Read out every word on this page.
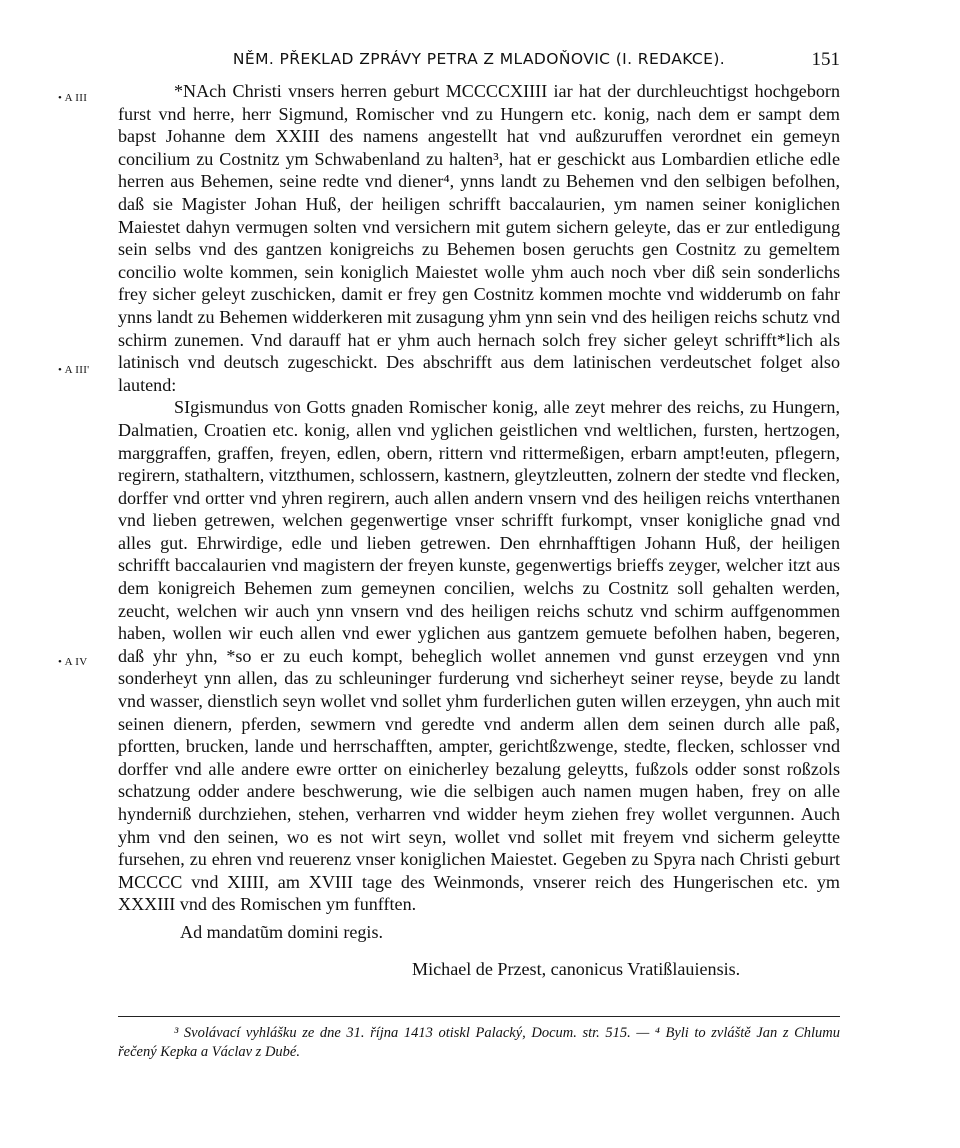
NĚM. PŘEKLAD ZPRÁVY PETRA Z MLADOŇOVIC (I. REDAKCE).	151
• A III
• A III'
• A IV

*NAch Christi vnsers herren geburt MCCCCXIIII iar hat der durchleuchtigst hochgeborn furst vnd herre, herr Sigmund, Romischer vnd zu Hungern etc. konig, nach dem er sampt dem bapst Johanne dem XXIII des namens angestellt hat vnd außzuruffen verordnet ein gemeyn concilium zu Costnitz ym Schwabenland zu halten³, hat er geschickt aus Lombardien etliche edle herren aus Behemen, seine redte vnd diener⁴, ynns landt zu Behemen vnd den selbigen befolhen, daß sie Magister Johan Huß, der heiligen schrifft baccalaurien, ym namen seiner koniglichen Maiestet dahyn vermugen solten vnd versichern mit gutem sichern geleyte, das er zur entledigung sein selbs vnd des gantzen konigreichs zu Behemen bosen geruchts gen Costnitz zu gemeltem concilio wolte kommen, sein koniglich Maiestet wolle yhm auch noch vber diß sein sonderlichs frey sicher geleyt zuschicken, damit er frey gen Costnitz kommen mochte vnd widderumb on fahr ynns landt zu Behemen widderkeren mit zusagung yhm ynn sein vnd des heiligen reichs schutz vnd schirm zunemen. Vnd darauff hat er yhm auch hernach solch frey sicher geleyt schrifft*lich als latinisch vnd deutsch zugeschickt. Des abschrifft aus dem latinischen verdeutschet folget also lautend:

SIgismundus von Gotts gnaden Romischer konig, alle zeyt mehrer des reichs, zu Hungern, Dalmatien, Croatien etc. konig, allen vnd yglichen geistlichen vnd weltlichen, fursten, hertzogen, marggraffen, graffen, freyen, edlen, obern, rittern vnd rittermeßigen, erbarn ampt!euten, pflegern, regirern, stathaltern, vitzthumen, schlossern, kastnern, gleytzleutten, zolnern der stedte vnd flecken, dorffer vnd ortter vnd yhren regirern, auch allen andern vnsern vnd des heiligen reichs vnterthanen vnd lieben getrewen, welchen gegenwertige vnser schrifft furkompt, vnser konigliche gnad vnd alles gut. Ehrwirdige, edle und lieben getrewen. Den ehrnhafftigen Johann Huß, der heiligen schrifft baccalaurien vnd magistern der freyen kunste, gegenwertigs brieffs zeyger, welcher itzt aus dem konigreich Behemen zum gemeynen concilien, welchs zu Costnitz soll gehalten werden, zeucht, welchen wir auch ynn vnsern vnd des heiligen reichs schutz vnd schirm auffgenommen haben, wollen wir euch allen vnd ewer yglichen aus gantzem gemuete befolhen haben, begeren, daß yhr yhn, *so er zu euch kompt, beheglich wollet annemen vnd gunst erzeygen vnd ynn sonderheyt ynn allen, das zu schleuninger furderung vnd sicherheyt seiner reyse, beyde zu landt vnd wasser, dienstlich seyn wollet vnd sollet yhm furderlichen guten willen erzeygen, yhn auch mit seinen dienern, pferden, sewmern vnd geredte vnd anderm allen dem seinen durch alle paß, pfortten, brucken, lande und herrschafften, ampter, gerichtßzwenge, stedte, flecken, schlosser vnd dorffer vnd alle andere ewre ortter on einicherley bezalung geleytts, fußzols odder sonst roßzols schatzung odder andere beschwerung, wie die selbigen auch namen mugen haben, frey on alle hyndernіß durchziehen, stehen, verharren vnd widder heym ziehen frey wollet vergunnen. Auch yhm vnd den seinen, wo es not wirt seyn, wollet vnd sollet mit freyem vnd sicherm geleytte fursehen, zu ehren vnd reuerenz vnser koniglichen Maiestet. Gegeben zu Spyra nach Christi geburt MCCCC vnd XIIII, am XVIII tage des Weinmonds, vnserer reich des Hungerischen etc. ym XXXIII vnd des Romischen ym funfften.

Ad mandatũm domini regis.

Michael de Przest, canonicus Vratißlauiensis.

³ Svolávací vyhlášku ze dne 31. října 1413 otiskl Palacký, Docum. str. 515. — ⁴ Byli to zvláště Jan z Chlumu řečený Kepka a Václav z Dubé.
